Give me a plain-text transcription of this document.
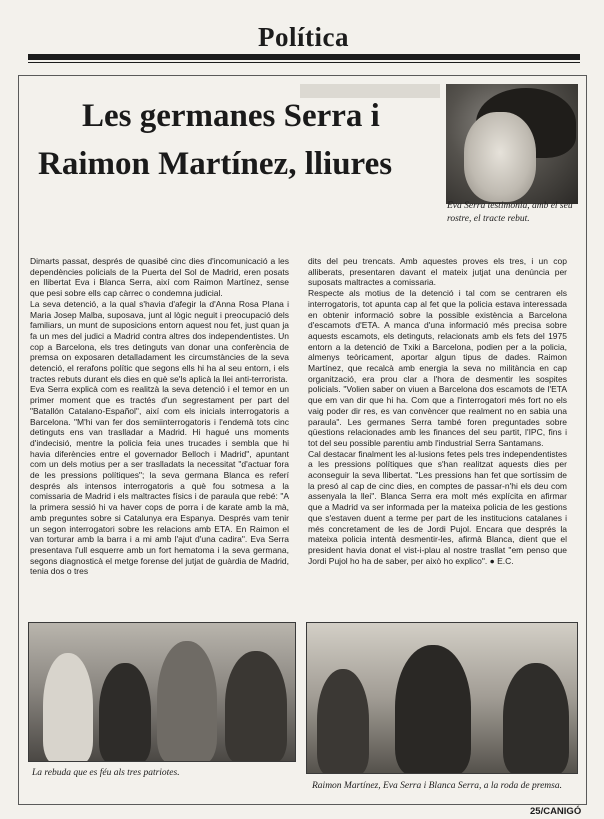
Política
Les germanes Serra i
Raimon Martínez, lliures
Eva Serra testimonia, amb el seu rostre, el tracte rebut.

Dimarts passat, després de quasibé cinc dies d'incomunicació a les dependències policials de la Puerta del Sol de Madrid, eren posats en llibertat Eva i Blanca Serra, així com Raimon Martínez, sense que pesi sobre ells cap càrrec o condemna judicial.

La seva detenció, a la qual s'havia d'afegir la d'Anna Rosa Plana i Maria Josep Malba, suposava, junt al lògic neguit i preocupació dels familiars, un munt de suposicions entorn aquest nou fet, just quan ja fa un mes del judici a Madrid contra altres dos independentistes. Un cop a Barcelona, els tres detinguts van donar una conferència de premsa on exposaren detalladament les circumstàncies de la seva detenció, el rerafons polític que segons ells hi ha al seu entorn, i els tractes rebuts durant els dies en què se'ls aplicà la llei anti-terrorista.

Eva Serra explicà com es realitzà la seva detenció i el temor en un primer moment que es tractés d'un segrestament per part del "Batallón Catalano-Español", així com els inicials interrogatoris a Barcelona. "M'hi van fer dos semiinterrogatoris i l'endemà tots cinc detinguts ens van traslladar a Madrid. Hi hagué uns moments d'indecisió, mentre la policia feia unes trucades i sembla que hi havia diferències entre el governador Belloch i Madrid", apuntant com un dels motius per a ser traslladats la necessitat "d'actuar fora de les pressions polítiques"; la seva germana Blanca es referí després als intensos interrogatoris a què fou sotmesa a la comissaria de Madrid i els maltractes físics i de paraula que rebé: "A la primera sessió hi va haver cops de porra i de karate amb la mà, amb preguntes sobre si Catalunya era Espanya. Després vam tenir un segon interrogatori sobre les relacions amb ETA. En Raimon el van torturar amb la barra i a mi amb l'ajut d'una cadira". Eva Serra presentava l'ull esquerre amb un fort hematoma i la seva germana, segons diagnosticà el metge forense del jutjat de guàrdia de Madrid, tenia dos o tres

dits del peu trencats. Amb aquestes proves els tres, i un cop alliberats, presentaren davant el mateix jutjat una denúncia per suposats maltractes a comissaria.

Respecte als motius de la detenció i tal com se centraren els interrogatoris, tot apunta cap al fet que la policia estava interessada en obtenir informació sobre la possible existència a Barcelona d'escamots d'ETA. A manca d'una informació més precisa sobre aquests escamots, els detinguts, relacionats amb els fets del 1975 entorn a la detenció de Txiki a Barcelona, podien per a la policia, almenys teòricament, aportar algun tipus de dades. Raimon Martínez, que recalcà amb energia la seva no militància en cap organització, era prou clar a l'hora de desmentir les sospites policials. "Volien saber on viuen a Barcelona dos escamots de l'ETA que em van dir que hi ha. Com que a l'interrogatori més fort no els vaig poder dir res, es van convèncer que realment no en sabia una paraula". Les germanes Serra també foren preguntades sobre qüestions relacionades amb les finances del seu partit, l'IPC, fins i tot del seu possible parentiu amb l'industrial Serra Santamans.

Cal destacar finalment les al·lusions fetes pels tres independentistes a les pressions polítiques que s'han realitzat aquests dies per aconseguir la seva llibertat. "Les pressions han fet que sortíssim de la presó al cap de cinc dies, en comptes de passar-n'hi els deu com assenyala la llei". Blanca Serra era molt més explícita en afirmar que a Madrid va ser informada per la mateixa policia de les gestions que s'estaven duent a terme per part de les institucions catalanes i més concretament de les de Jordi Pujol. Encara que després la mateixa policia intentà desmentir-les, afirmà Blanca, dient que el president havia donat el vist-i-plau al nostre trasllat "em penso que Jordi Pujol ho ha de saber, per això ho explico". ● E.C.

La rebuda que es féu als tres patriotes.
Raimon Martínez, Eva Serra i Blanca Serra, a la roda de premsa.
25/CANIGÓ
